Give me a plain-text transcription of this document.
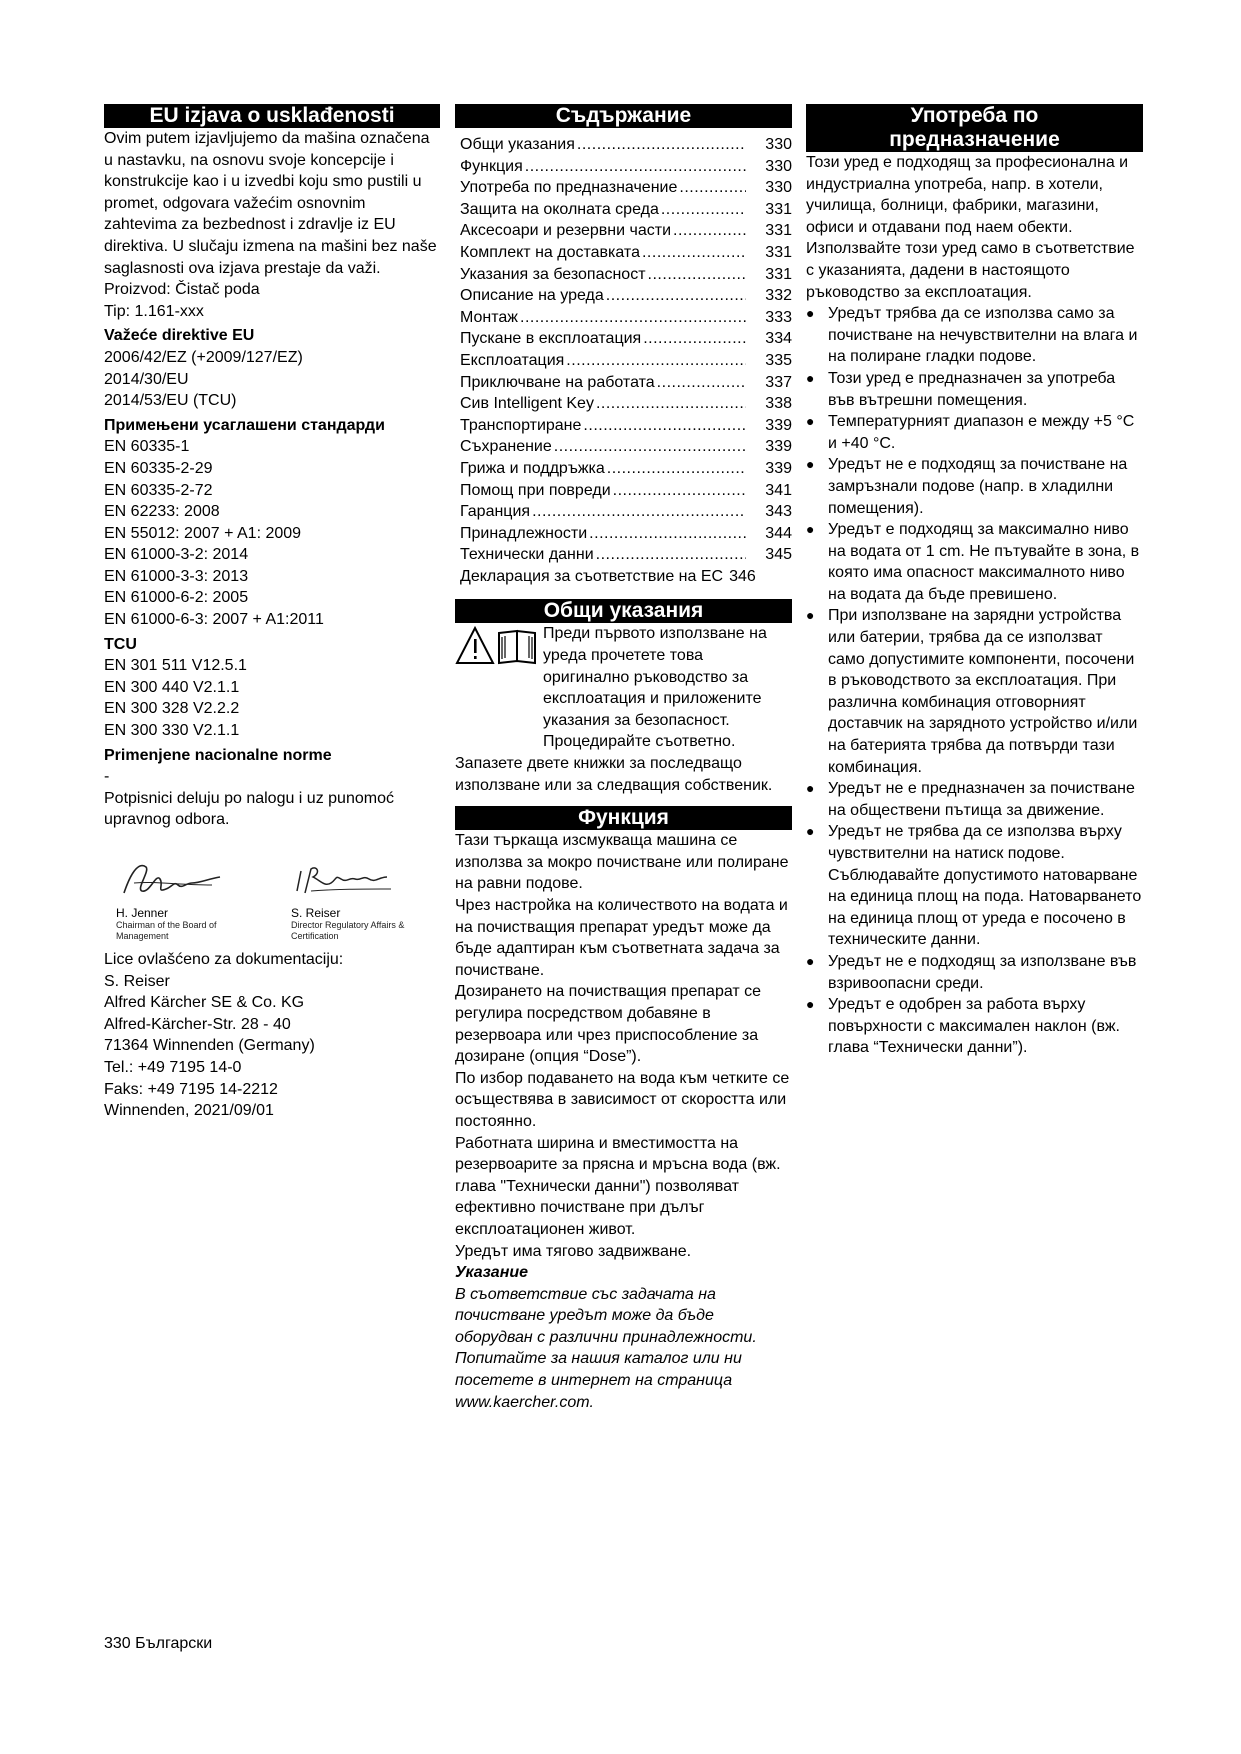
EU izjava o usklađenosti

Ovim putem izjavljujemo da mašina označena u nastavku, na osnovu svoje koncepcije i konstrukcije kao i u izvedbi koju smo pustili u promet, odgovara važećim osnovnim zahtevima za bezbednost i zdravlje iz EU direktiva. U slučaju izmena na mašini bez naše saglasnosti ova izjava prestaje da važi.

Proizvod: Čistač poda

Tip: 1.161-xxx

Važeće direktive EU
2006/42/EZ (+2009/127/EZ)
2014/30/EU
2014/53/EU (TCU)
Примењени усаглашени стандарди
EN 60335-1
EN 60335-2-29
EN 60335-2-72
EN 62233: 2008
EN 55012: 2007 + A1: 2009
EN 61000-3-2: 2014
EN 61000-3-3: 2013
EN 61000-6-2: 2005
EN 61000-6-3: 2007 + A1:2011
TCU
EN 301 511 V12.5.1
EN 300 440 V2.1.1
EN 300 328 V2.2.2
EN 300 330 V2.1.1
Primenjene nacionalne norme
-

Potpisnici deluju po nalogu i uz punomoć upravnog odbora.

H. Jenner
Chairman of the Board of Management
S. Reiser
Director Regulatory Affairs & Certification
Lice ovlašćeno za dokumentaciju:
S. Reiser
Alfred Kärcher SE & Co. KG
Alfred-Kärcher-Str. 28 - 40
71364 Winnenden (Germany)
Tel.: +49 7195 14-0
Faks: +49 7195 14-2212
Winnenden, 2021/09/01
Съдържание
Общи указания .....	330
Функция .....	330
Употреба по предназначение .....	330
Защита на околната среда .....	331
Аксесоари и резервни части .....	331
Комплект на доставката .....	331
Указания за безопасност .....	331
Описание на уреда .....	332
Монтаж .....	333
Пускане в експлоатация .....	334
Експлоатация .....	335
Приключване на работата .....	337
Сив Intelligent Key .....	338
Транспортиране .....	339
Съхранение .....	339
Грижа и поддръжка .....	339
Помощ при повреди .....	341
Гаранция .....	343
Принадлежности .....	344
Технически данни .....	345
Декларация за съответствие на ЕС 346
Общи указания

Преди първото използване на уреда прочетете това оригинално ръководство за експлоатация и приложените указания за безопасност. Процедирайте съответно.

Запазете двете книжки за последващо използване или за следващия собственик.

Функция

Тази търкаща изсмукваща машина се използва за мокро почистване или полиране на равни подове.

Чрез настройка на количеството на водата и на почистващия препарат уредът може да бъде адаптиран към съответната задача за почистване.

Дозирането на почистващия препарат се регулира посредством добавяне в резервоара или чрез приспособление за дозиране (опция “Dose”).

По избор подаването на вода към четките се осъществява в зависимост от скоростта или постоянно.

Работната ширина и вместимостта на резервоарите за прясна и мръсна вода (вж. глава "Технически данни") позволяват ефективно почистване при дълъг експлоатационен живот.

Уредът има тягово задвижване.

Указание

В съответствие със задачата на почистване уредът може да бъде оборудван с различни принадлежности. Попитайте за нашия каталог или ни посетете в интернет на страница www.kaercher.com.

Употреба по
предназначение

Този уред е подходящ за професионална и индустриална употреба, напр. в хотели, училища, болници, фабрики, магазини, офиси и отдавани под наем обекти. Използвайте този уред само в съответствие с указанията, дадени в настоящото ръководство за експлоатация.

● Уредът трябва да се използва само за почистване на нечувствителни на влага и на полиране гладки подове.
● Този уред е предназначен за употреба във вътрешни помещения.
● Температурният диапазон е между +5 °C и +40 °C.
● Уредът не е подходящ за почистване на замръзнали подове (напр. в хладилни помещения).
● Уредът е подходящ за максимално ниво на водата от 1 cm. Не пътувайте в зона, в която има опасност максималното ниво на водата да бъде превишено.
● При използване на зарядни устройства или батерии, трябва да се използват само допустимите компоненти, посочени в ръководството за експлоатация. При различна комбинация отговорният доставчик на зарядното устройство и/или на батерията трябва да потвърди тази комбинация.
● Уредът не е предназначен за почистване на обществени пътища за движение.
● Уредът не трябва да се използва върху чувствителни на натиск подове. Съблюдавайте допустимото натоварване на единица площ на пода. Натоварването на единица площ от уреда е посочено в техническите данни.
● Уредът не е подходящ за използване във взривоопасни среди.
● Уредът е одобрен за работа върху повърхности с максимален наклон (вж. глава “Технически данни”).
330 Български
